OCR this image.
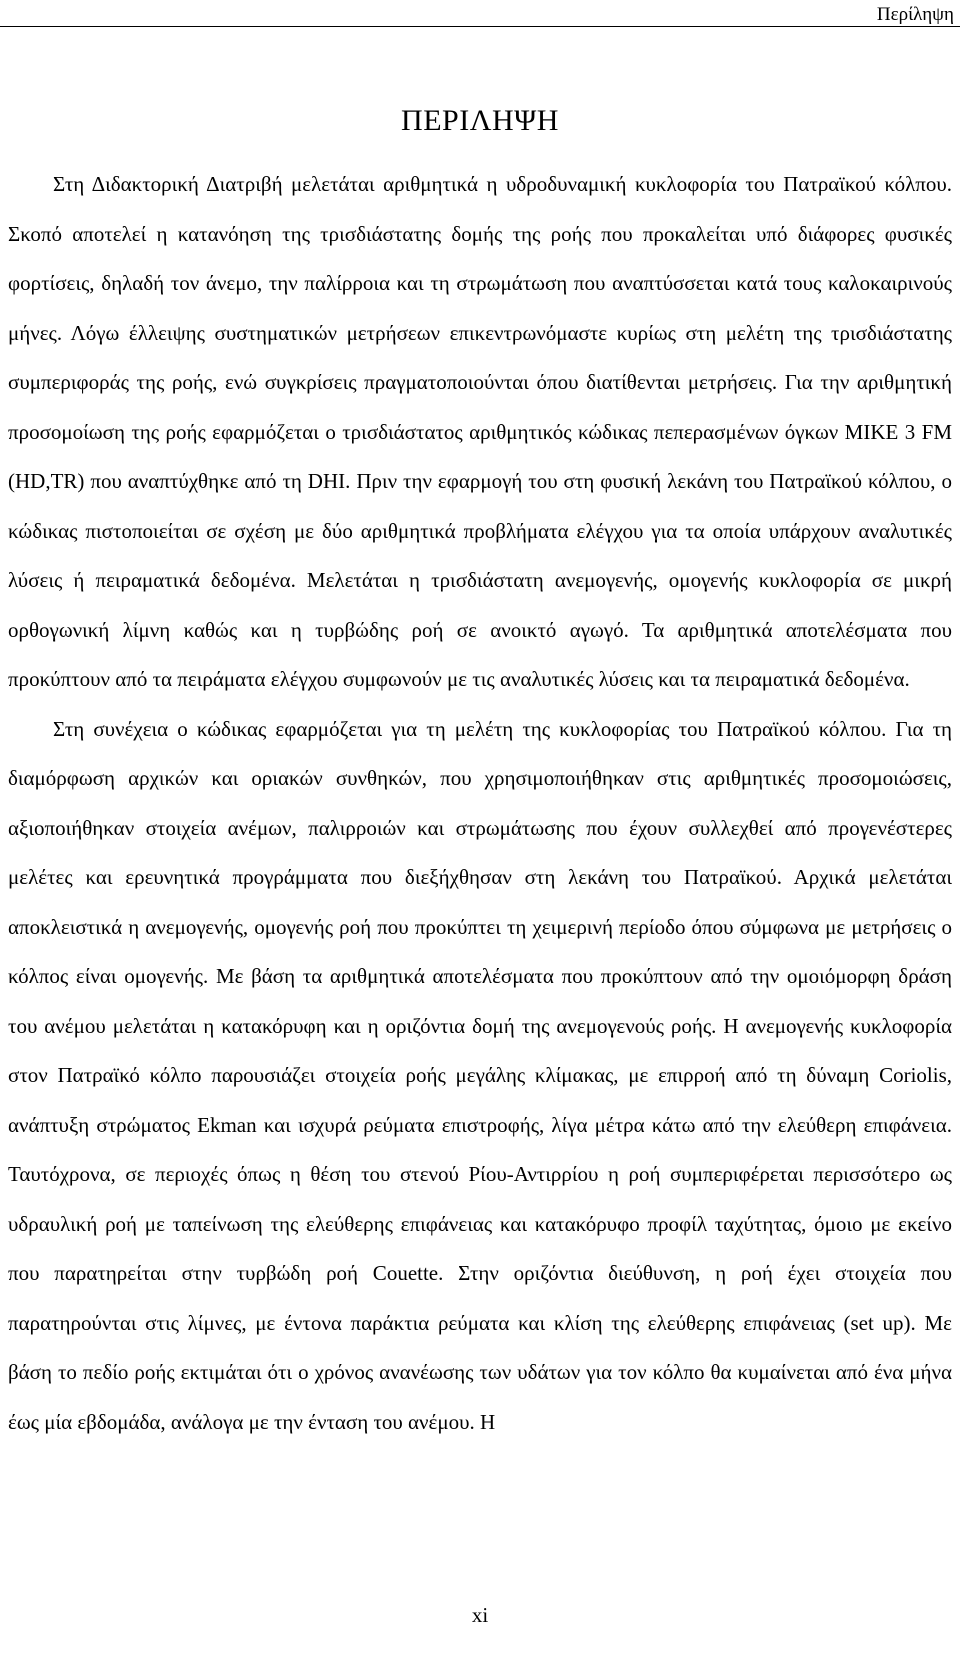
Περίληψη
ΠΕΡΙΛΗΨΗ

Στη Διδακτορική Διατριβή μελετάται αριθμητικά η υδροδυναμική κυκλοφορία του Πατραϊκού κόλπου. Σκοπό αποτελεί η κατανόηση της τρισδιάστατης δομής της ροής που προκαλείται υπό διάφορες φυσικές φορτίσεις, δηλαδή τον άνεμο, την παλίρροια και τη στρωμάτωση που αναπτύσσεται κατά τους καλοκαιρινούς μήνες. Λόγω έλλειψης συστηματικών μετρήσεων επικεντρωνόμαστε κυρίως στη μελέτη της τρισδιάστατης συμπεριφοράς της ροής, ενώ συγκρίσεις πραγματοποιούνται όπου διατίθενται μετρήσεις. Για την αριθμητική προσομοίωση της ροής εφαρμόζεται ο τρισδιάστατος αριθμητικός κώδικας πεπερασμένων όγκων MIKE 3 FM (HD,TR) που αναπτύχθηκε από τη DHI. Πριν την εφαρμογή του στη φυσική λεκάνη του Πατραϊκού κόλπου, ο κώδικας πιστοποιείται σε σχέση με δύο αριθμητικά προβλήματα ελέγχου για τα οποία υπάρχουν αναλυτικές λύσεις ή πειραματικά δεδομένα. Μελετάται η τρισδιάστατη ανεμογενής, ομογενής κυκλοφορία σε μικρή ορθογωνική λίμνη καθώς και η τυρβώδης ροή σε ανοικτό αγωγό. Τα αριθμητικά αποτελέσματα που προκύπτουν από τα πειράματα ελέγχου συμφωνούν με τις αναλυτικές λύσεις και τα πειραματικά δεδομένα.

Στη συνέχεια ο κώδικας εφαρμόζεται για τη μελέτη της κυκλοφορίας του Πατραϊκού κόλπου. Για τη διαμόρφωση αρχικών και οριακών συνθηκών, που χρησιμοποιήθηκαν στις αριθμητικές προσομοιώσεις, αξιοποιήθηκαν στοιχεία ανέμων, παλιρροιών και στρωμάτωσης που έχουν συλλεχθεί από προγενέστερες μελέτες και ερευνητικά προγράμματα που διεξήχθησαν στη λεκάνη του Πατραϊκού. Αρχικά μελετάται αποκλειστικά η ανεμογενής, ομογενής ροή που προκύπτει τη χειμερινή περίοδο όπου σύμφωνα με μετρήσεις ο κόλπος είναι ομογενής. Με βάση τα αριθμητικά αποτελέσματα που προκύπτουν από την ομοιόμορφη δράση του ανέμου μελετάται η κατακόρυφη και η οριζόντια δομή της ανεμογενούς ροής. Η ανεμογενής κυκλοφορία στον Πατραϊκό κόλπο παρουσιάζει στοιχεία ροής μεγάλης κλίμακας, με επιρροή από τη δύναμη Coriolis, ανάπτυξη στρώματος Ekman και ισχυρά ρεύματα επιστροφής, λίγα μέτρα κάτω από την ελεύθερη επιφάνεια. Ταυτόχρονα, σε περιοχές όπως η θέση του στενού Ρίου-Αντιρρίου η ροή συμπεριφέρεται περισσότερο ως υδραυλική ροή με ταπείνωση της ελεύθερης επιφάνειας και κατακόρυφο προφίλ ταχύτητας, όμοιο με εκείνο που παρατηρείται στην τυρβώδη ροή Couette. Στην οριζόντια διεύθυνση, η ροή έχει στοιχεία που παρατηρούνται στις λίμνες, με έντονα παράκτια ρεύματα και κλίση της ελεύθερης επιφάνειας (set up). Με βάση το πεδίο ροής εκτιμάται ότι ο χρόνος ανανέωσης των υδάτων για τον κόλπο θα κυμαίνεται από ένα μήνα έως μία εβδομάδα, ανάλογα με την ένταση του ανέμου. Η

xi
